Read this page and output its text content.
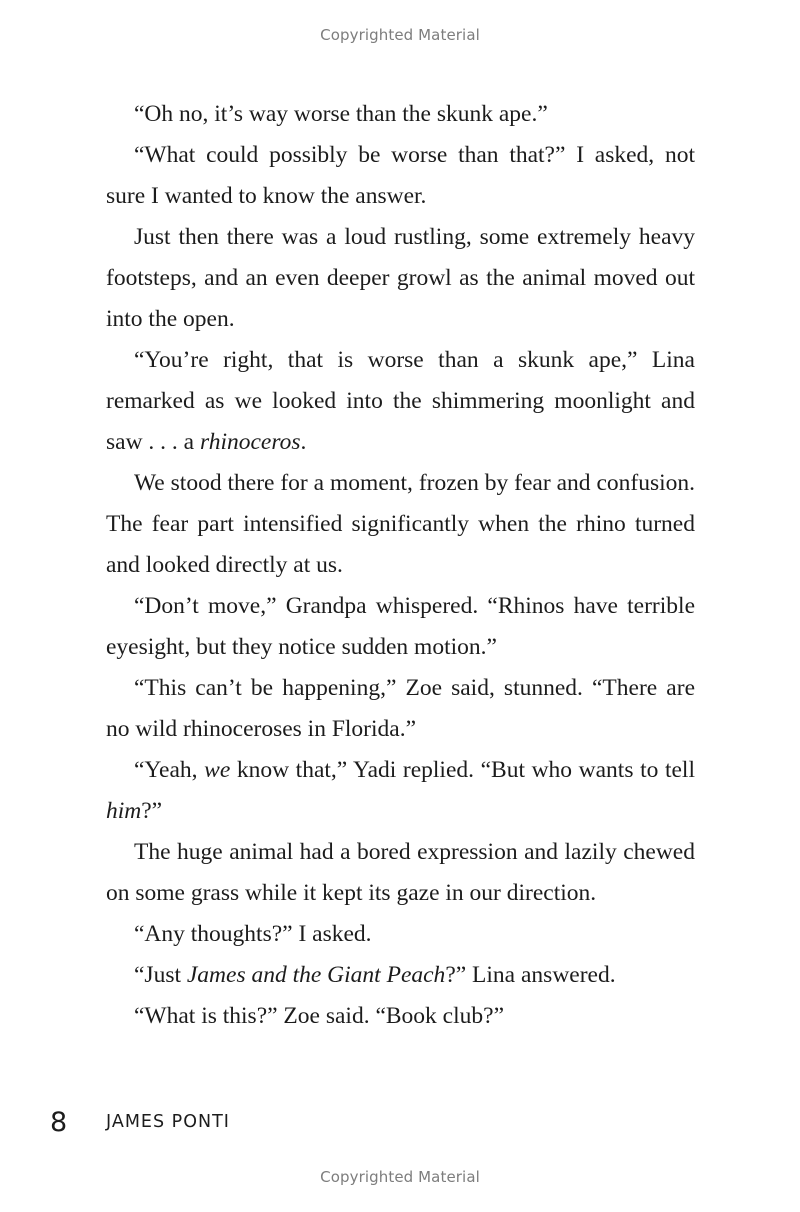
Copyrighted Material

“Oh no, it’s way worse than the skunk ape.”

“What could possibly be worse than that?” I asked, not sure I wanted to know the answer.

Just then there was a loud rustling, some extremely heavy footsteps, and an even deeper growl as the animal moved out into the open.

“You’re right, that is worse than a skunk ape,” Lina remarked as we looked into the shimmering moonlight and saw . . . a rhinoceros.

We stood there for a moment, frozen by fear and confusion. The fear part intensified significantly when the rhino turned and looked directly at us.

“Don’t move,” Grandpa whispered. “Rhinos have terrible eyesight, but they notice sudden motion.”

“This can’t be happening,” Zoe said, stunned. “There are no wild rhinoceroses in Florida.”

“Yeah, we know that,” Yadi replied. “But who wants to tell him?”

The huge animal had a bored expression and lazily chewed on some grass while it kept its gaze in our direction.

“Any thoughts?” I asked.

“Just James and the Giant Peach?” Lina answered.

“What is this?” Zoe said. “Book club?”

8	JAMES PONTI
Copyrighted Material
